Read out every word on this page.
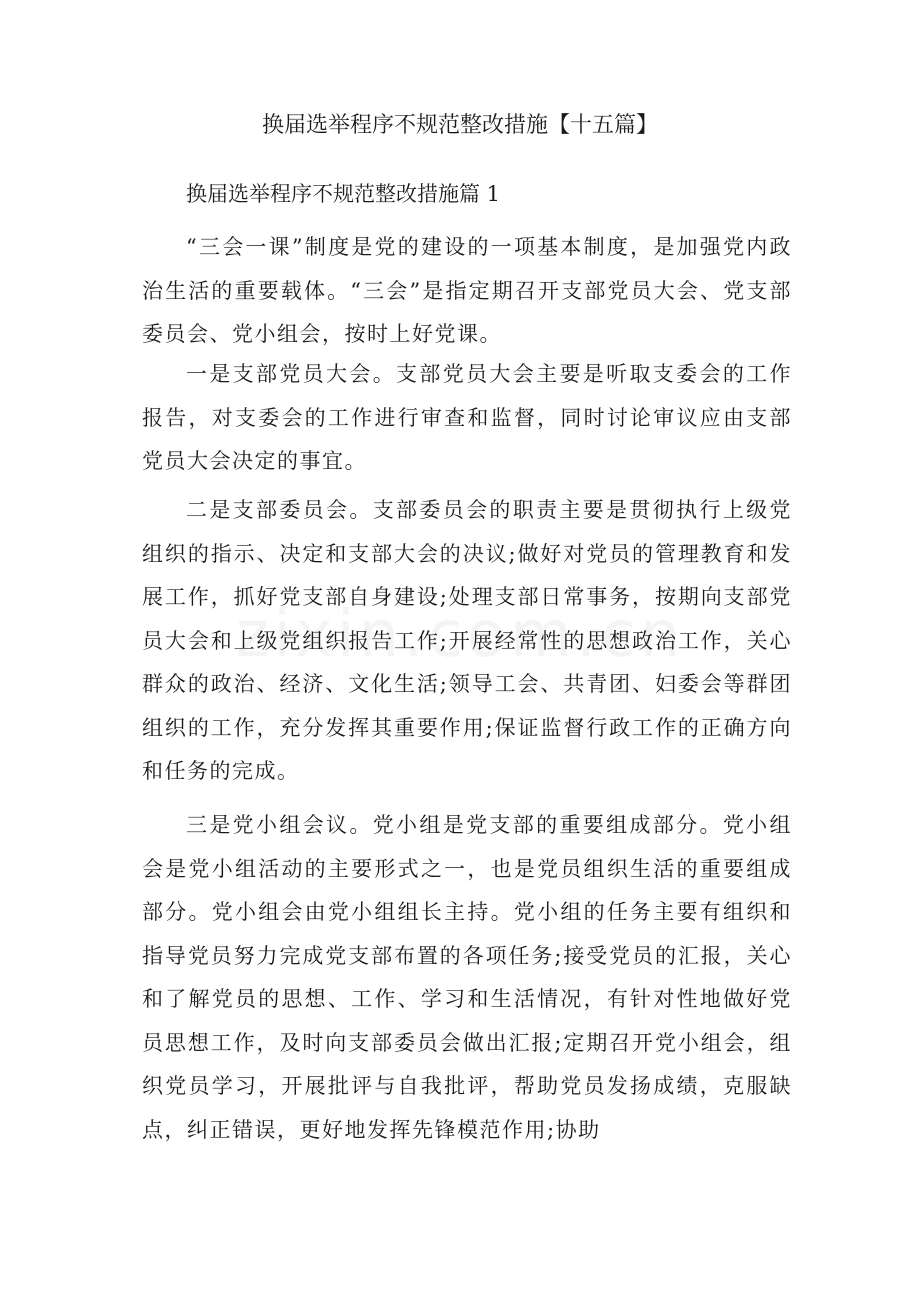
换届选举程序不规范整改措施【十五篇】
换届选举程序不规范整改措施篇 1

“三会一课”制度是党的建设的一项基本制度，是加强党内政治生活的重要载体。“三会”是指定期召开支部党员大会、党支部委员会、党小组会，按时上好党课。

一是支部党员大会。支部党员大会主要是听取支委会的工作报告，对支委会的工作进行审查和监督，同时讨论审议应由支部党员大会决定的事宜。

二是支部委员会。支部委员会的职责主要是贯彻执行上级党组织的指示、决定和支部大会的决议;做好对党员的管理教育和发展工作，抓好党支部自身建设;处理支部日常事务，按期向支部党员大会和上级党组织报告工作;开展经常性的思想政治工作，关心群众的政治、经济、文化生活;领导工会、共青团、妇委会等群团组织的工作，充分发挥其重要作用;保证监督行政工作的正确方向和任务的完成。

三是党小组会议。党小组是党支部的重要组成部分。党小组会是党小组活动的主要形式之一，也是党员组织生活的重要组成部分。党小组会由党小组组长主持。党小组的任务主要有组织和指导党员努力完成党支部布置的各项任务;接受党员的汇报，关心和了解党员的思想、工作、学习和生活情况，有针对性地做好党员思想工作，及时向支部委员会做出汇报;定期召开党小组会，组织党员学习，开展批评与自我批评，帮助党员发扬成绩，克服缺点，纠正错误，更好地发挥先锋模范作用;协助
